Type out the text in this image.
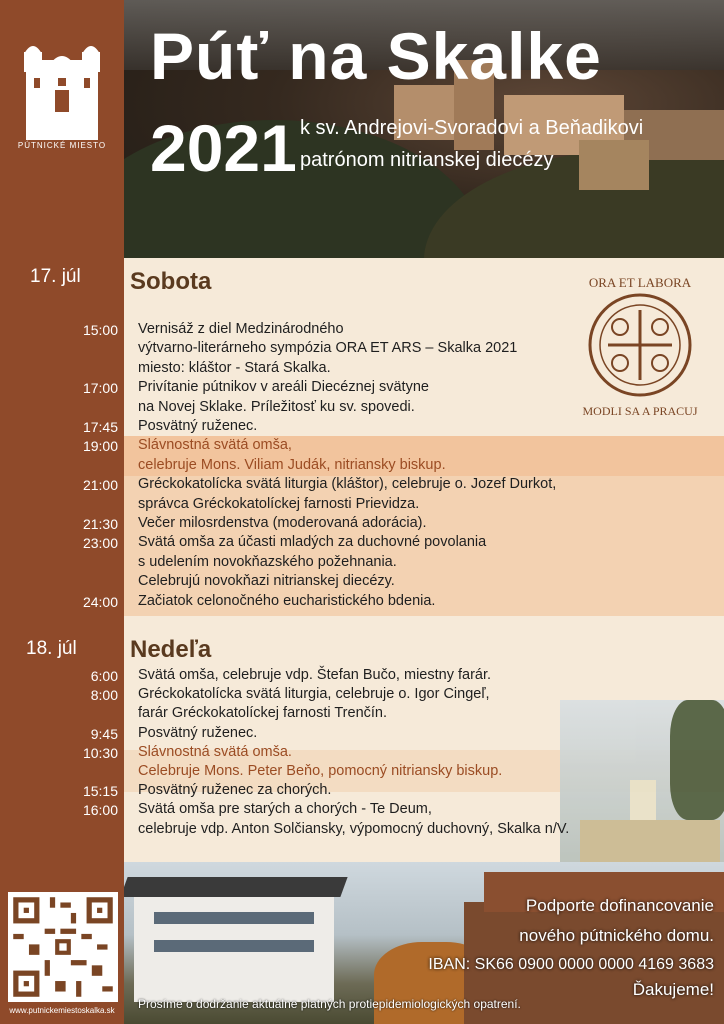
SKALKA
PÚTNICKÉ MIESTO
Púť na Skalke
2021 k sv. Andrejovi-Svoradovi a Beňadikovi
patrónom nitrianskej diecézy
17. júl Sobota	ORA ET LABORA
MODLI SA A PRACUJ
15:00 Vernisáž z diel Medzinárodného
výtvarno-literárneho sympózia ORA ET ARS – Skalka 2021
miesto: kláštor - Stará Skalka.
17:00 Privítanie pútnikov v areáli Diecéznej svätyne
na Novej Sklake. Príležitosť ku sv. spovedi.
17:45 Posvätný ruženec.
19:00 Slávnostná svätá omša,
celebruje Mons. Viliam Judák, nitriansky biskup.
21:00 Gréckokatolícka svätá liturgia (kláštor), celebruje o. Jozef Durkot,
správca Gréckokatolíckej farnosti Prievidza.
21:30 Večer milosrdenstva (moderovaná adorácia).
23:00 Svätá omša za účasti mladých za duchovné povolania
s udelením novokňazského požehnania.
Celebrujú novokňazi nitrianskej diecézy.
24:00 Začiatok celonočného eucharistického bdenia.
18. júl Nedeľa
6:00 Svätá omša, celebruje vdp. Štefan Bučo, miestny farár.
8:00 Gréckokatolícka svätá liturgia, celebruje o. Igor Cingeľ,
farár Gréckokatolíckej farnosti Trenčín.
9:45 Posvätný ruženec.
10:30 Slávnostná svätá omša.
Celebruje Mons. Peter Beňo, pomocný nitriansky biskup.
15:15 Posvätný ruženec za chorých.
16:00 Svätá omša pre starých a chorých - Te Deum,
celebruje vdp. Anton Solčiansky, výpomocný duchovný, Skalka n/V.
Podporte dofinancovanie
nového pútnického domu.
IBAN: SK66 0900 0000 0000 4169 3683
Ďakujeme!
www.putnickemiestoskalka.sk	Prosíme o dodržanie aktuálne platných protiepidemiologických opatrení.
